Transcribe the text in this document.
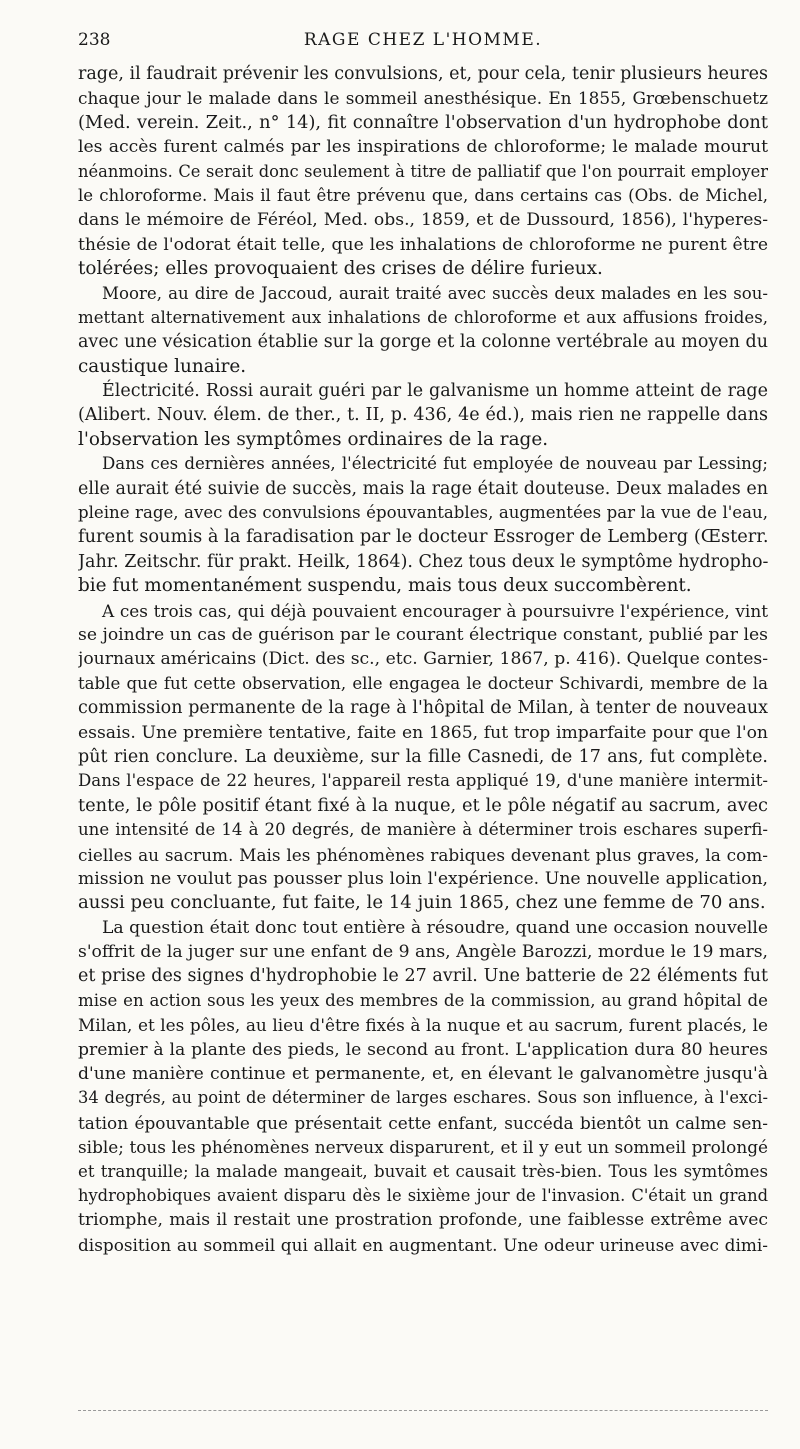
238	RAGE CHEZ L'HOMME.
rage, il faudrait prévenir les convulsions, et, pour cela, tenir plusieurs heures
chaque jour le malade dans le sommeil anesthésique. En 1855, Grœbenschuetz
(Med. verein. Zeit., n° 14), fit connaître l'observation d'un hydrophobe dont
les accès furent calmés par les inspirations de chloroforme; le malade mourut
néanmoins. Ce serait donc seulement à titre de palliatif que l'on pourrait employer
le chloroforme. Mais il faut être prévenu que, dans certains cas (Obs. de Michel,
dans le mémoire de Féréol, Med. obs., 1859, et de Dussourd, 1856), l'hyperes-
thésie de l'odorat était telle, que les inhalations de chloroforme ne purent être
tolérées; elles provoquaient des crises de délire furieux.
Moore, au dire de Jaccoud, aurait traité avec succès deux malades en les sou-
mettant alternativement aux inhalations de chloroforme et aux affusions froides,
avec une vésication établie sur la gorge et la colonne vertébrale au moyen du
caustique lunaire.
Électricité. Rossi aurait guéri par le galvanisme un homme atteint de rage
(Alibert. Nouv. élem. de ther., t. II, p. 436, 4e éd.), mais rien ne rappelle dans
l'observation les symptômes ordinaires de la rage.
Dans ces dernières années, l'électricité fut employée de nouveau par Lessing;
elle aurait été suivie de succès, mais la rage était douteuse. Deux malades en
pleine rage, avec des convulsions épouvantables, augmentées par la vue de l'eau,
furent soumis à la faradisation par le docteur Essroger de Lemberg (Œsterr.
Jahr. Zeitschr. für prakt. Heilk, 1864). Chez tous deux le symptôme hydropho-
bie fut momentanément suspendu, mais tous deux succombèrent.
A ces trois cas, qui déjà pouvaient encourager à poursuivre l'expérience, vint
se joindre un cas de guérison par le courant électrique constant, publié par les
journaux américains (Dict. des sc., etc. Garnier, 1867, p. 416). Quelque contes-
table que fut cette observation, elle engagea le docteur Schivardi, membre de la
commission permanente de la rage à l'hôpital de Milan, à tenter de nouveaux
essais. Une première tentative, faite en 1865, fut trop imparfaite pour que l'on
pût rien conclure. La deuxième, sur la fille Casnedi, de 17 ans, fut complète.
Dans l'espace de 22 heures, l'appareil resta appliqué 19, d'une manière intermit-
tente, le pôle positif étant fixé à la nuque, et le pôle négatif au sacrum, avec
une intensité de 14 à 20 degrés, de manière à déterminer trois eschares superfi-
cielles au sacrum. Mais les phénomènes rabiques devenant plus graves, la com-
mission ne voulut pas pousser plus loin l'expérience. Une nouvelle application,
aussi peu concluante, fut faite, le 14 juin 1865, chez une femme de 70 ans.
La question était donc tout entière à résoudre, quand une occasion nouvelle
s'offrit de la juger sur une enfant de 9 ans, Angèle Barozzi, mordue le 19 mars,
et prise des signes d'hydrophobie le 27 avril. Une batterie de 22 éléments fut
mise en action sous les yeux des membres de la commission, au grand hôpital de
Milan, et les pôles, au lieu d'être fixés à la nuque et au sacrum, furent placés, le
premier à la plante des pieds, le second au front. L'application dura 80 heures
d'une manière continue et permanente, et, en élevant le galvanomètre jusqu'à
34 degrés, au point de déterminer de larges eschares. Sous son influence, à l'exci-
tation épouvantable que présentait cette enfant, succéda bientôt un calme sen-
sible; tous les phénomènes nerveux disparurent, et il y eut un sommeil prolongé
et tranquille; la malade mangeait, buvait et causait très-bien. Tous les symtômes
hydrophobiques avaient disparu dès le sixième jour de l'invasion. C'était un grand
triomphe, mais il restait une prostration profonde, une faiblesse extrême avec
disposition au sommeil qui allait en augmentant. Une odeur urineuse avec dimi-
